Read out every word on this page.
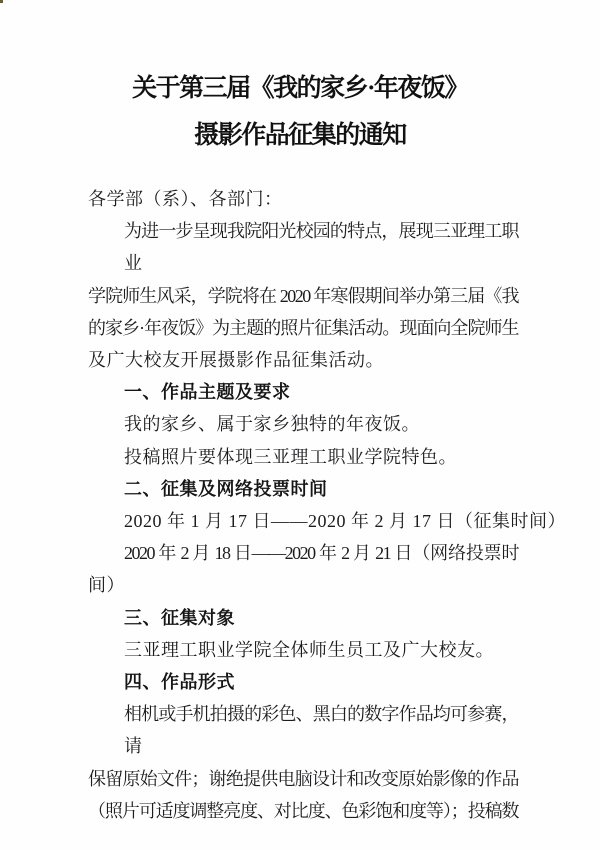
关于第三届《我的家乡·年夜饭》
摄影作品征集的通知
各学部（系）、各部门：
为进一步呈现我院阳光校园的特点，展现三亚理工职业
学院师生风采，学院将在 2020 年寒假期间举办第三届《我
的家乡·年夜饭》为主题的照片征集活动。现面向全院师生
及广大校友开展摄影作品征集活动。
一、作品主题及要求
我的家乡、属于家乡独特的年夜饭。
投稿照片要体现三亚理工职业学院特色。
二、征集及网络投票时间
2020 年 1 月 17 日——2020 年 2 月 17 日（征集时间）
2020 年 2 月 18 日——2020 年 2 月 21 日（网络投票时
间）
三、征集对象
三亚理工职业学院全体师生员工及广大校友。
四、作品形式
相机或手机拍摄的彩色、黑白的数字作品均可参赛，请
保留原始文件；谢绝提供电脑设计和改变原始影像的作品
（照片可适度调整亮度、对比度、色彩饱和度等）；投稿数
